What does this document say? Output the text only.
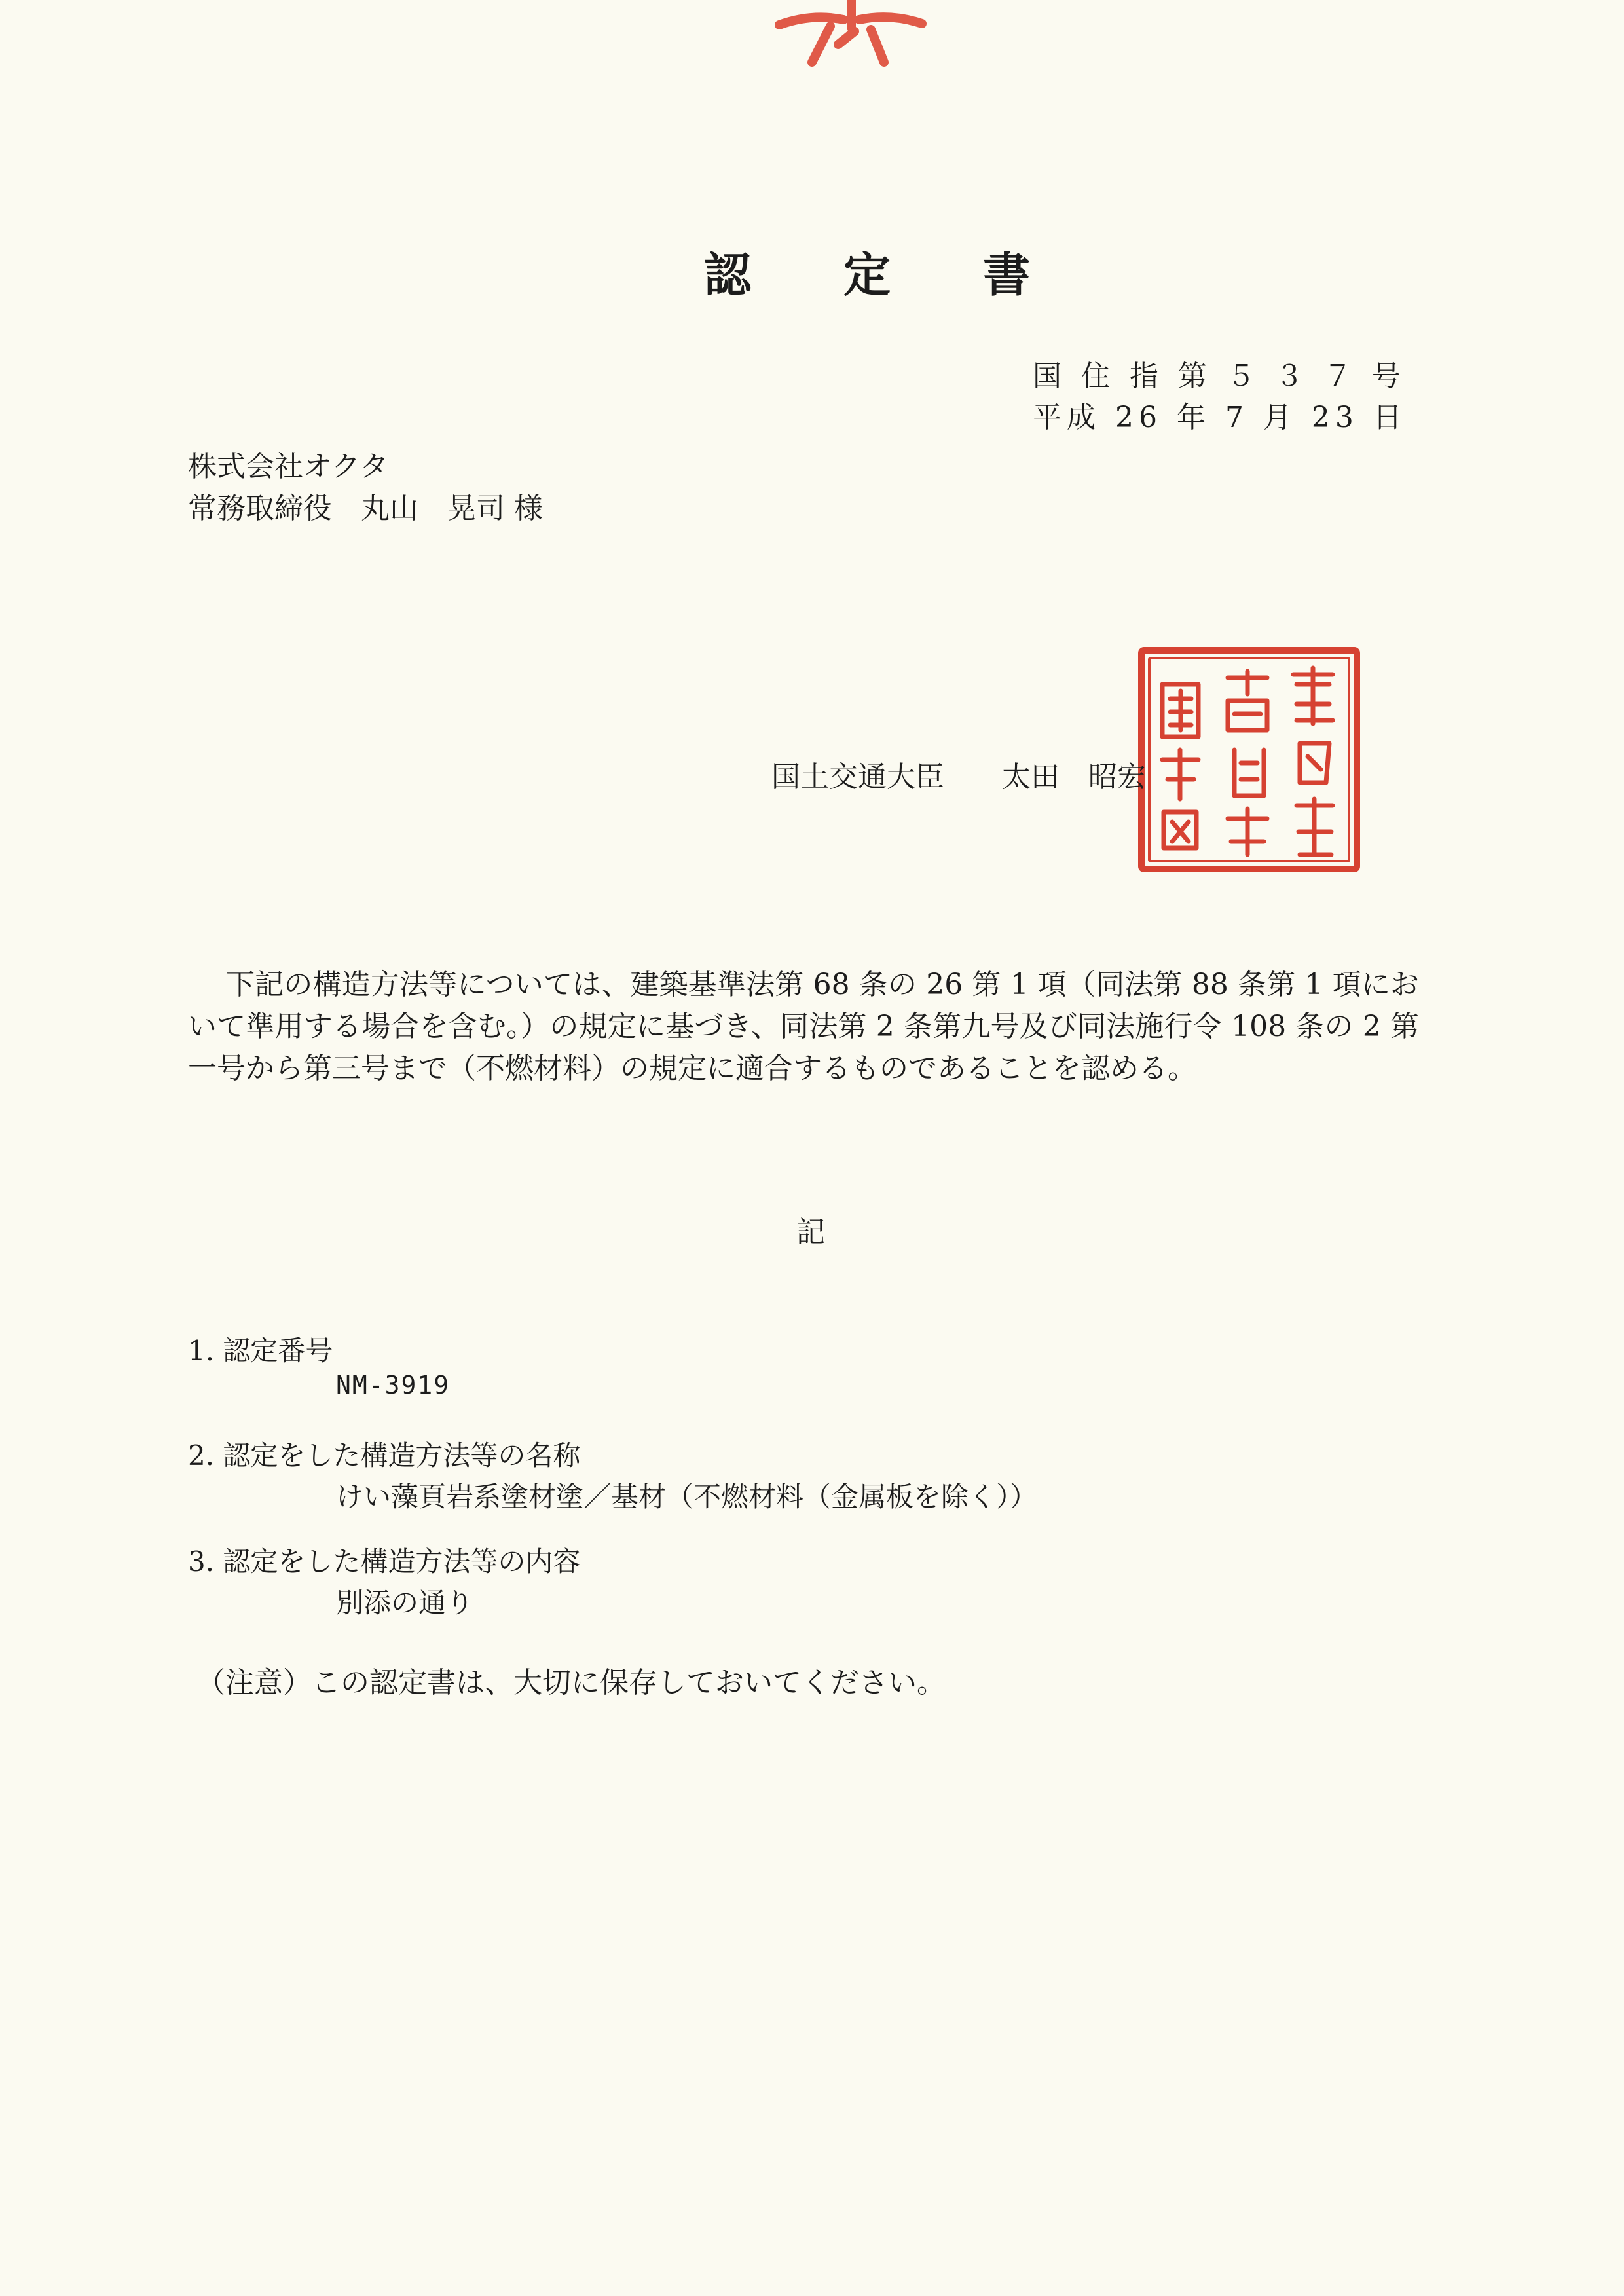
認 定 書
国 住 指 第 ５ ３ ７ 号
平成 26 年 7 月 23 日
株式会社オクタ
常務取締役　丸山　晃司 様
国土交通大臣　　太田　昭宏
下記の構造方法等については、建築基準法第 68 条の 26 第 1 項（同法第 88 条第 1 項において準用する場合を含む。）の規定に基づき、同法第 2 条第九号及び同法施行令 108 条の 2 第一号から第三号まで（不燃材料）の規定に適合するものであることを認める。
記
1. 認定番号
NM-3919
2. 認定をした構造方法等の名称
けい藻頁岩系塗材塗／基材（不燃材料（金属板を除く））
3. 認定をした構造方法等の内容
別添の通り
（注意）この認定書は、大切に保存しておいてください。
